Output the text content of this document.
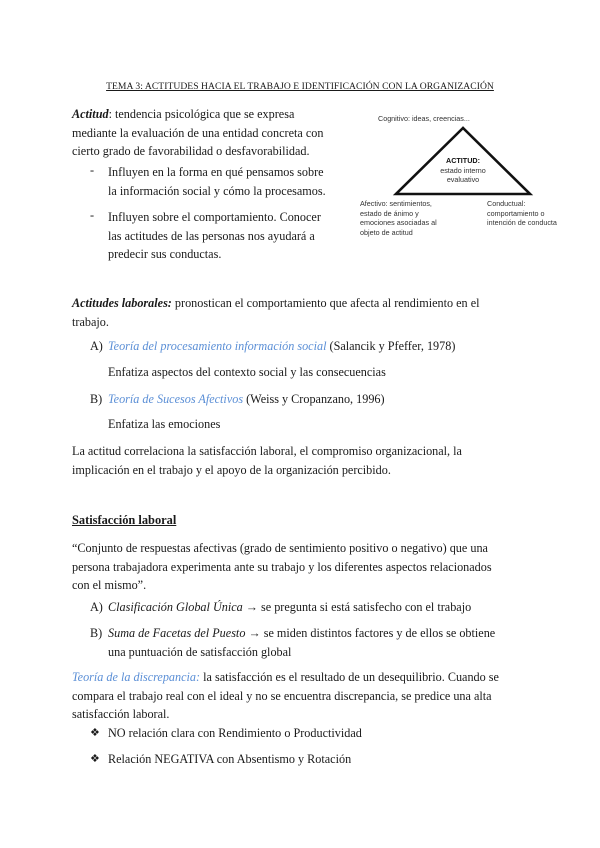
TEMA 3: ACTITUDES HACIA EL TRABAJO E IDENTIFICACIÓN CON LA ORGANIZACIÓN
Actitud: tendencia psicológica que se expresa
mediante la evaluación de una entidad concreta con
cierto grado de favorabilidad o desfavorabilidad.
- Influyen en la forma en qué pensamos sobre
la información social y cómo la procesamos.
- Influyen sobre el comportamiento. Conocer
las actitudes de las personas nos ayudará a
predecir sus conductas.
Cognitivo: ideas, creencias...
ACTITUD:
estado interno
evaluativo
Afectivo: sentimientos,
estado de ánimo y
emociones asociadas al
objeto de actitud
Conductual:
comportamiento o
intención de conducta
Actitudes laborales: pronostican el comportamiento que afecta al rendimiento en el
trabajo.
A) Teoría del procesamiento información social (Salancik y Pfeffer, 1978)
Enfatiza aspectos del contexto social y las consecuencias
B) Teoría de Sucesos Afectivos (Weiss y Cropanzano, 1996)
Enfatiza las emociones
La actitud correlaciona la satisfacción laboral, el compromiso organizacional, la
implicación en el trabajo y el apoyo de la organización percibido.
Satisfacción laboral
“Conjunto de respuestas afectivas (grado de sentimiento positivo o negativo) que una
persona trabajadora experimenta ante su trabajo y los diferentes aspectos relacionados
con el mismo”.
A) Clasificación Global Única → se pregunta si está satisfecho con el trabajo
B) Suma de Facetas del Puesto → se miden distintos factores y de ellos se obtiene
una puntuación de satisfacción global
Teoría de la discrepancia: la satisfacción es el resultado de un desequilibrio. Cuando se
compara el trabajo real con el ideal y no se encuentra discrepancia, se predice una alta
satisfacción laboral.
❖ NO relación clara con Rendimiento o Productividad
❖ Relación NEGATIVA con Absentismo y Rotación
